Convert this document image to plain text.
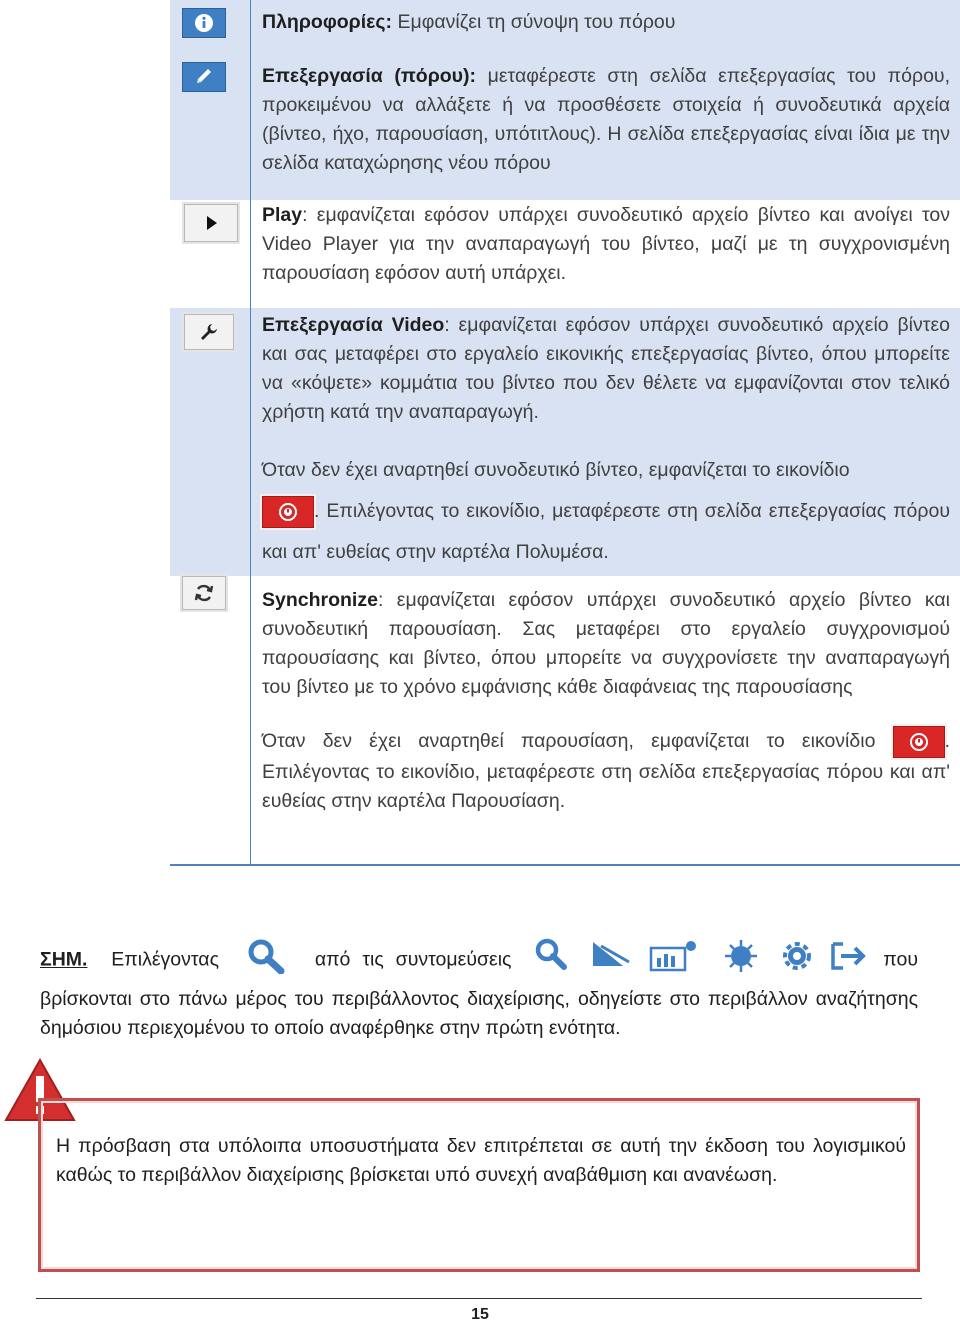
Πληροφορίες: Εμφανίζει τη σύνοψη του πόρου

Επεξεργασία (πόρου): μεταφέρεστε στη σελίδα επεξεργασίας του πόρου, προκειμένου να αλλάξετε ή να προσθέσετε στοιχεία ή συνοδευτικά αρχεία (βίντεο, ήχο, παρουσίαση, υπότιτλους). Η σελίδα επεξεργασίας είναι ίδια με την σελίδα καταχώρησης νέου πόρου

Play: εμφανίζεται εφόσον υπάρχει συνοδευτικό αρχείο βίντεο και ανοίγει τον Video Player για την αναπαραγωγή του βίντεο, μαζί με τη συγχρονισμένη παρουσίαση εφόσον αυτή υπάρχει.

Επεξεργασία Video: εμφανίζεται εφόσον υπάρχει συνοδευτικό αρχείο βίντεο και σας μεταφέρει στο εργαλείο εικονικής επεξεργασίας βίντεο, όπου μπορείτε να «κόψετε» κομμάτια του βίντεο που δεν θέλετε να εμφανίζονται στον τελικό χρήστη κατά την αναπαραγωγή.

Όταν δεν έχει αναρτηθεί συνοδευτικό βίντεο, εμφανίζεται το εικονίδιο

. Επιλέγοντας το εικονίδιο, μεταφέρεστε στη σελίδα επεξεργασίας πόρου και απ' ευθείας στην καρτέλα Πολυμέσα.

Synchronize: εμφανίζεται εφόσον υπάρχει συνοδευτικό αρχείο βίντεο και συνοδευτική παρουσίαση. Σας μεταφέρει στο εργαλείο συγχρονισμού παρουσίασης και βίντεο, όπου μπορείτε να συγχρονίσετε την αναπαραγωγή του βίντεο με το χρόνο εμφάνισης κάθε διαφάνειας της παρουσίασης

Όταν δεν έχει αναρτηθεί παρουσίαση, εμφανίζεται το εικονίδιο	. Επιλέγοντας το εικονίδιο, μεταφέρεστε στη σελίδα επεξεργασίας πόρου και απ' ευθείας στην καρτέλα Παρουσίαση.

ΣΗΜ. Επιλέγοντας	από τις συντομεύσεις	που βρίσκονται στο πάνω μέρος του περιβάλλοντος διαχείρισης, οδηγείστε στο περιβάλλον αναζήτησης δημόσιου περιεχομένου το οποίο αναφέρθηκε στην πρώτη ενότητα.
Η πρόσβαση στα υπόλοιπα υποσυστήματα δεν επιτρέπεται σε αυτή την έκδοση του λογισμικού καθώς το περιβάλλον διαχείρισης βρίσκεται υπό συνεχή αναβάθμιση και ανανέωση.
15
